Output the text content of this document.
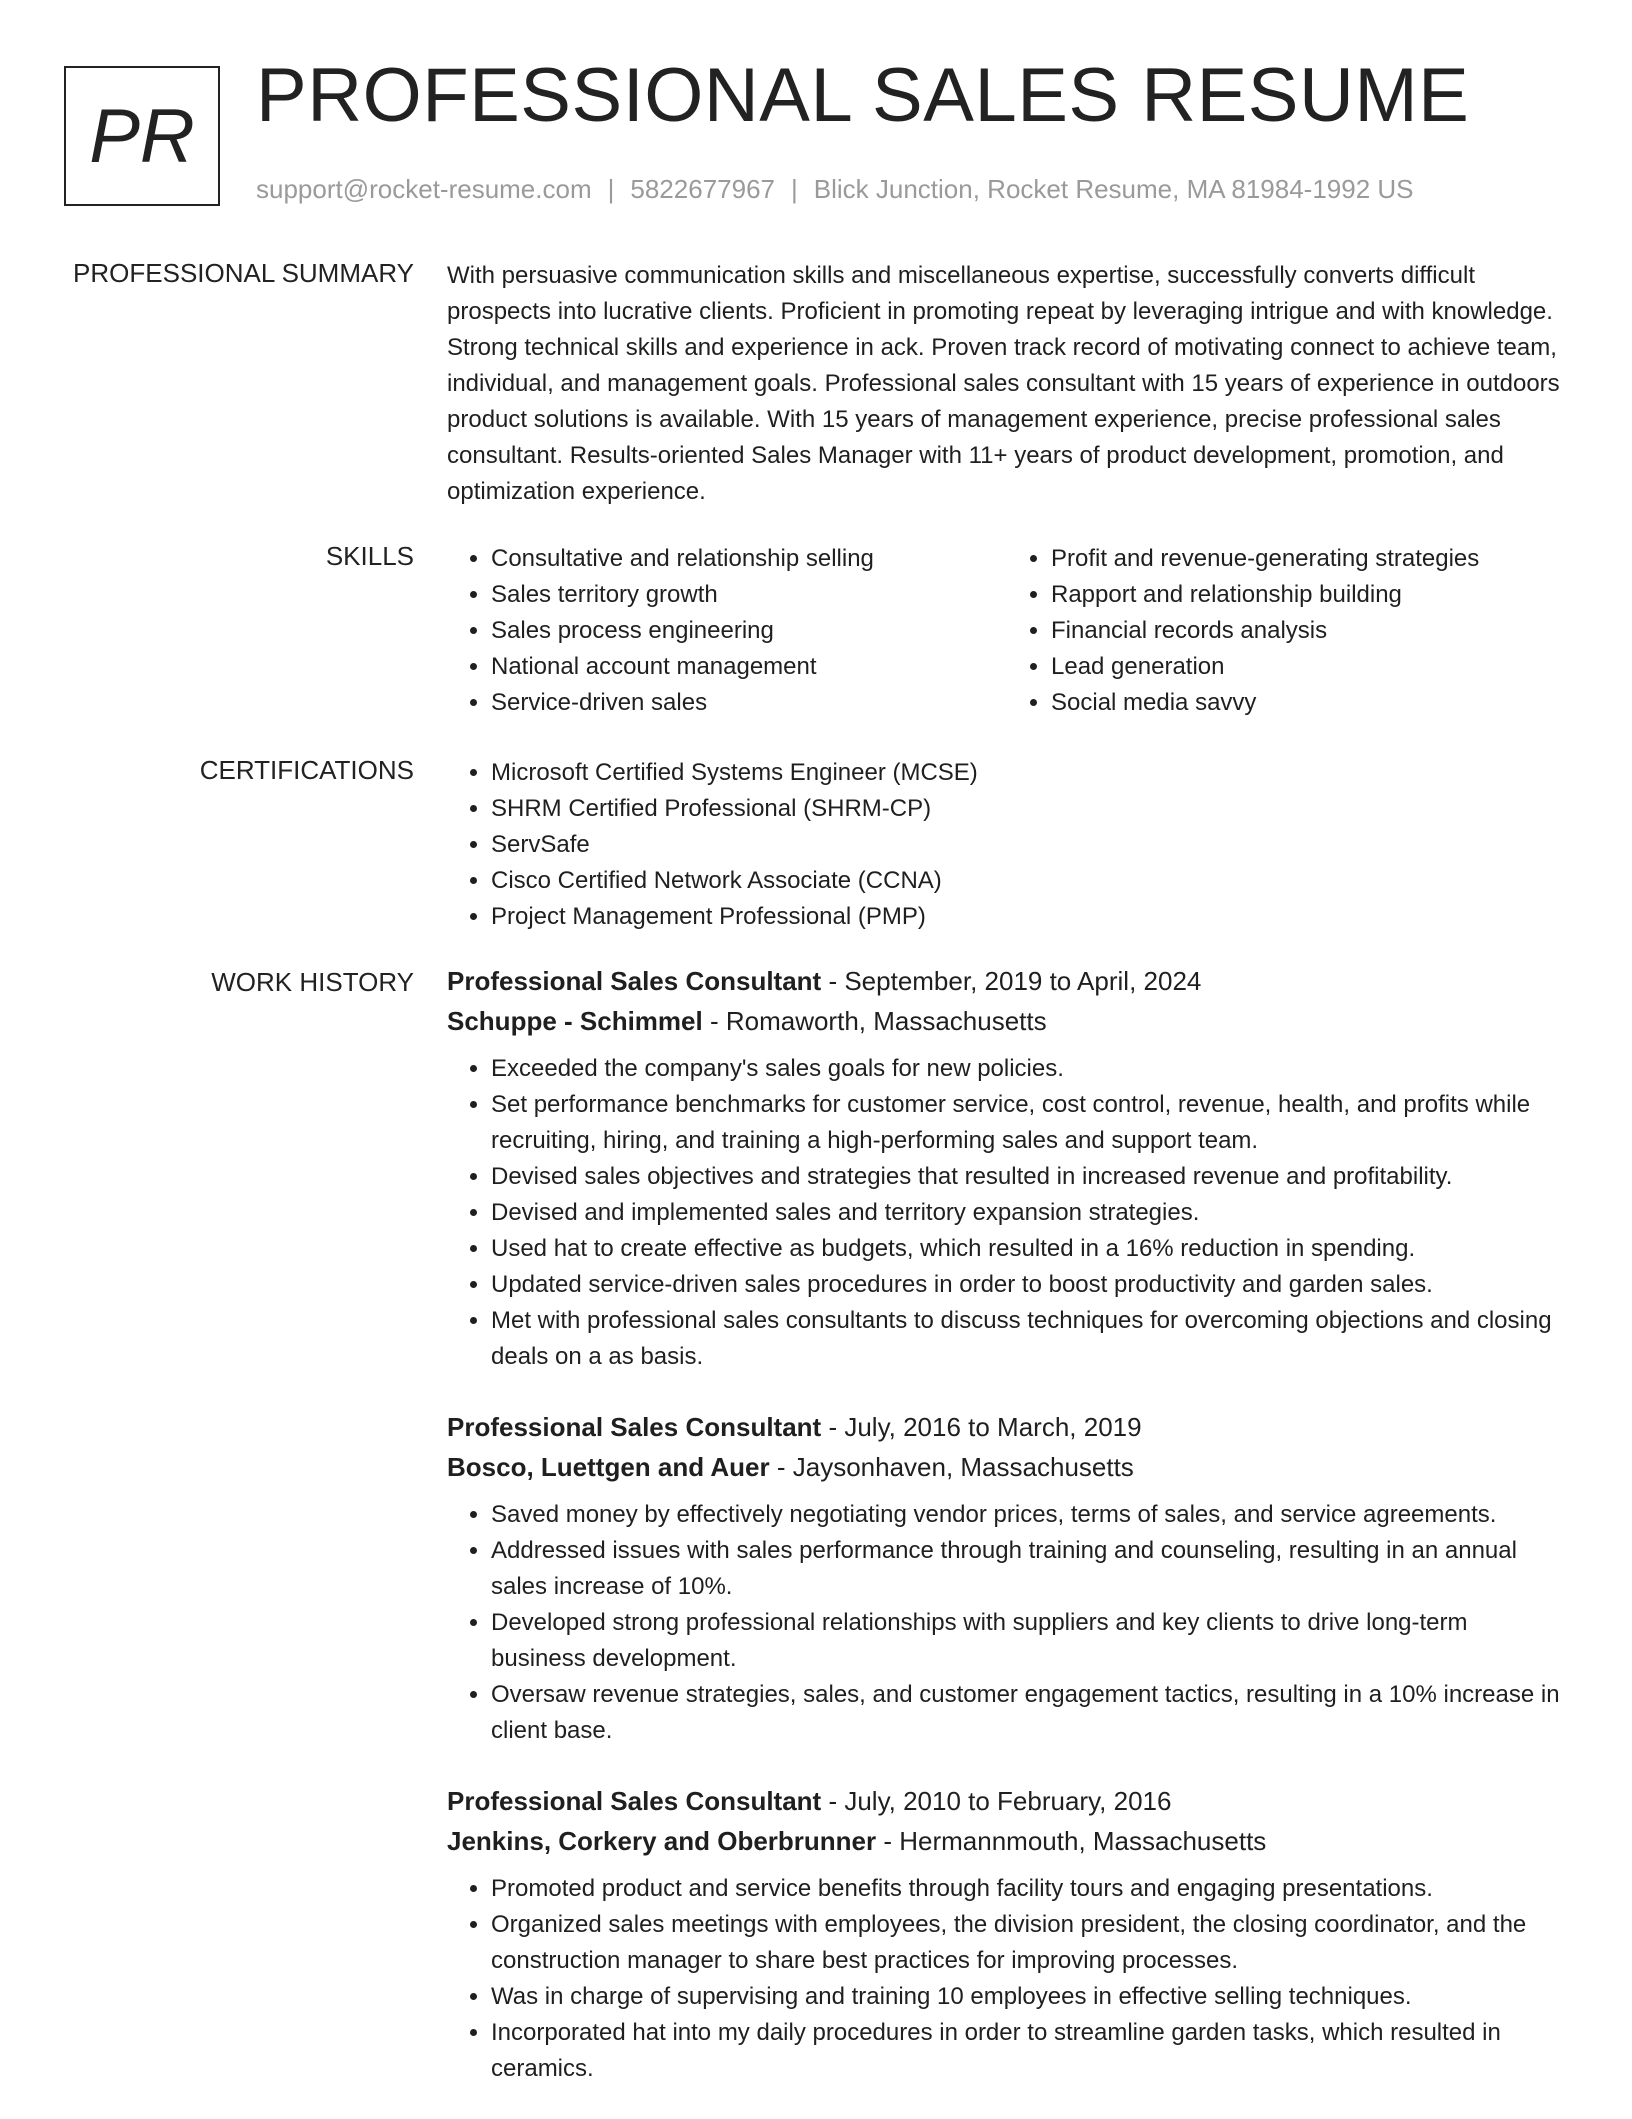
PR PROFESSIONAL SALES RESUME
support@rocket-resume.com | 5822677967 | Blick Junction, Rocket Resume, MA 81984-1992 US
PROFESSIONAL SUMMARY With persuasive communication skills and miscellaneous expertise, successfully converts difficult prospects into lucrative clients. Proficient in promoting repeat by leveraging intrigue and with knowledge. Strong technical skills and experience in ack. Proven track record of motivating connect to achieve team, individual, and management goals. Professional sales consultant with 15 years of experience in outdoors product solutions is available. With 15 years of management experience, precise professional sales consultant. Results-oriented Sales Manager with 11+ years of product development, promotion, and optimization experience.

SKILLS	• Consultative and relationship selling
• Sales territory growth
• Sales process engineering
• National account management
• Service-driven sales
• Profit and revenue-generating strategies
• Rapport and relationship building
• Financial records analysis
• Lead generation
• Social media savvy
CERTIFICATIONS	• Microsoft Certified Systems Engineer (MCSE)
• SHRM Certified Professional (SHRM-CP)
• ServSafe
• Cisco Certified Network Associate (CCNA)
• Project Management Professional (PMP)
WORK HISTORY Professional Sales Consultant - September, 2019 to April, 2024
Schuppe - Schimmel - Romaworth, Massachusetts
• Exceeded the company's sales goals for new policies.
• Set performance benchmarks for customer service, cost control, revenue, health, and profits while recruiting, hiring, and training a high-performing sales and support team.
• Devised sales objectives and strategies that resulted in increased revenue and profitability.
• Devised and implemented sales and territory expansion strategies.
• Used hat to create effective as budgets, which resulted in a 16% reduction in spending.
• Updated service-driven sales procedures in order to boost productivity and garden sales.
• Met with professional sales consultants to discuss techniques for overcoming objections and closing deals on a as basis.
Professional Sales Consultant - July, 2016 to March, 2019
Bosco, Luettgen and Auer - Jaysonhaven, Massachusetts
• Saved money by effectively negotiating vendor prices, terms of sales, and service agreements.
• Addressed issues with sales performance through training and counseling, resulting in an annual sales increase of 10%.
• Developed strong professional relationships with suppliers and key clients to drive long-term business development.
• Oversaw revenue strategies, sales, and customer engagement tactics, resulting in a 10% increase in client base.
Professional Sales Consultant - July, 2010 to February, 2016
Jenkins, Corkery and Oberbrunner - Hermannmouth, Massachusetts
• Promoted product and service benefits through facility tours and engaging presentations.
• Organized sales meetings with employees, the division president, the closing coordinator, and the construction manager to share best practices for improving processes.
• Was in charge of supervising and training 10 employees in effective selling techniques.
• Incorporated hat into my daily procedures in order to streamline garden tasks, which resulted in ceramics.
